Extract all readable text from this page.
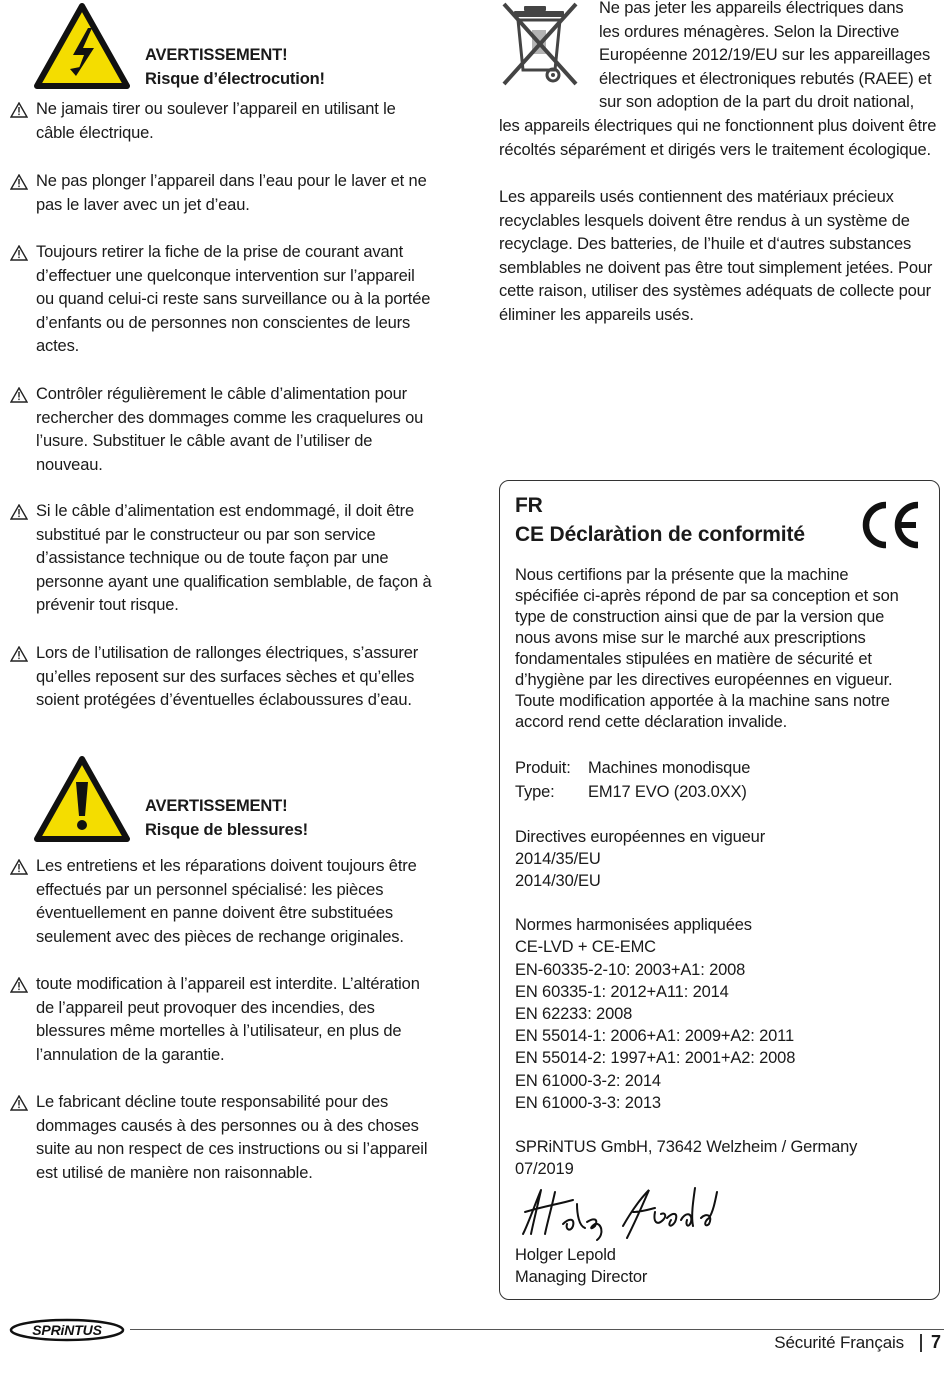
AVERTISSEMENT!
Risque d’électrocution!
Ne jamais tirer ou soulever l’appareil en utilisant le câble électrique.
Ne pas plonger l’appareil dans l’eau pour le laver et ne pas le laver avec un jet d’eau.
Toujours retirer la fiche de la prise de courant avant d’effectuer une quelconque intervention sur l’appareil ou quand celui-ci reste sans surveillance ou à la portée d’enfants ou de personnes non conscientes de leurs actes.
Contrôler régulièrement le câble d’alimentation pour rechercher des dommages comme les craquelures ou l’usure. Substituer le câble avant de l’utiliser de nouveau.
Si le câble d’alimentation est endommagé, il doit être substitué par le constructeur ou par son service d’assistance technique ou de toute façon par une personne ayant une qualification semblable, de façon à prévenir tout risque.
Lors de l’utilisation de rallonges électriques, s’assurer qu’elles reposent sur des surfaces sèches et qu’elles soient protégées d’éventuelles éclaboussures d’eau.
AVERTISSEMENT!
Risque de blessures!
Les entretiens et les réparations doivent toujours être effectués par un personnel spécialisé: les pièces éventuellement en panne doivent être substituées seulement avec des pièces de rechange originales.
toute modification à l’appareil est interdite. L’altération de l’appareil peut provoquer des incendies, des blessures même mortelles à l’utilisateur, en plus de l’annulation de la garantie.
Le fabricant décline toute responsabilité pour des dommages causés à des personnes ou à des choses suite au non respect de ces instructions ou si l’appareil est utilisé de manière non raisonnable.
Ne pas jeter les appareils électriques dans
les ordures ménagères. Selon la Directive
Européenne 2012/19/EU sur les appareillages
électriques et électroniques rebutés (RAEE) et
sur son adoption de la part du droit national,
les appareils électriques qui ne fonctionnent plus doivent être récoltés séparément et dirigés vers le traitement écologique.
Les appareils usés contiennent des matériaux précieux recyclables lesquels doivent être rendus à un système de recyclage. Des batteries, de l’huile et d‘autres substances semblables ne doivent pas être tout simplement jetées. Pour cette raison, utiliser des systèmes adéquats de collecte pour éliminer les appareils usés.
FR
CE Déclaràtion de conformité
Nous certifions par la présente que la machine spécifiée ci-après répond de par sa conception et son type de construction ainsi que de par la version que nous avons mise sur le marché aux prescriptions fondamentales stipulées en matière de sécurité et d’hygiène par les directives européennes en vigueur. Toute modification apportée à la machine sans notre accord rend cette déclaration invalide.
Produit:	Machines monodisque
Type:	EM17 EVO (203.0XX)
Directives européennes en vigueur
2014/35/EU
2014/30/EU
Normes harmonisées appliquées
CE-LVD + CE-EMC
EN-60335-2-10: 2003+A1: 2008
EN 60335-1: 2012+A11: 2014
EN 62233: 2008
EN 55014-1: 2006+A1: 2009+A2: 2011
EN 55014-2: 1997+A1: 2001+A2: 2008
EN 61000-3-2: 2014
EN 61000-3-3: 2013
SPRiNTUS GmbH, 73642 Welzheim / Germany
07/2019
Holger Lepold
Managing Director
SPRiNTUS
Sécurité Français 7
